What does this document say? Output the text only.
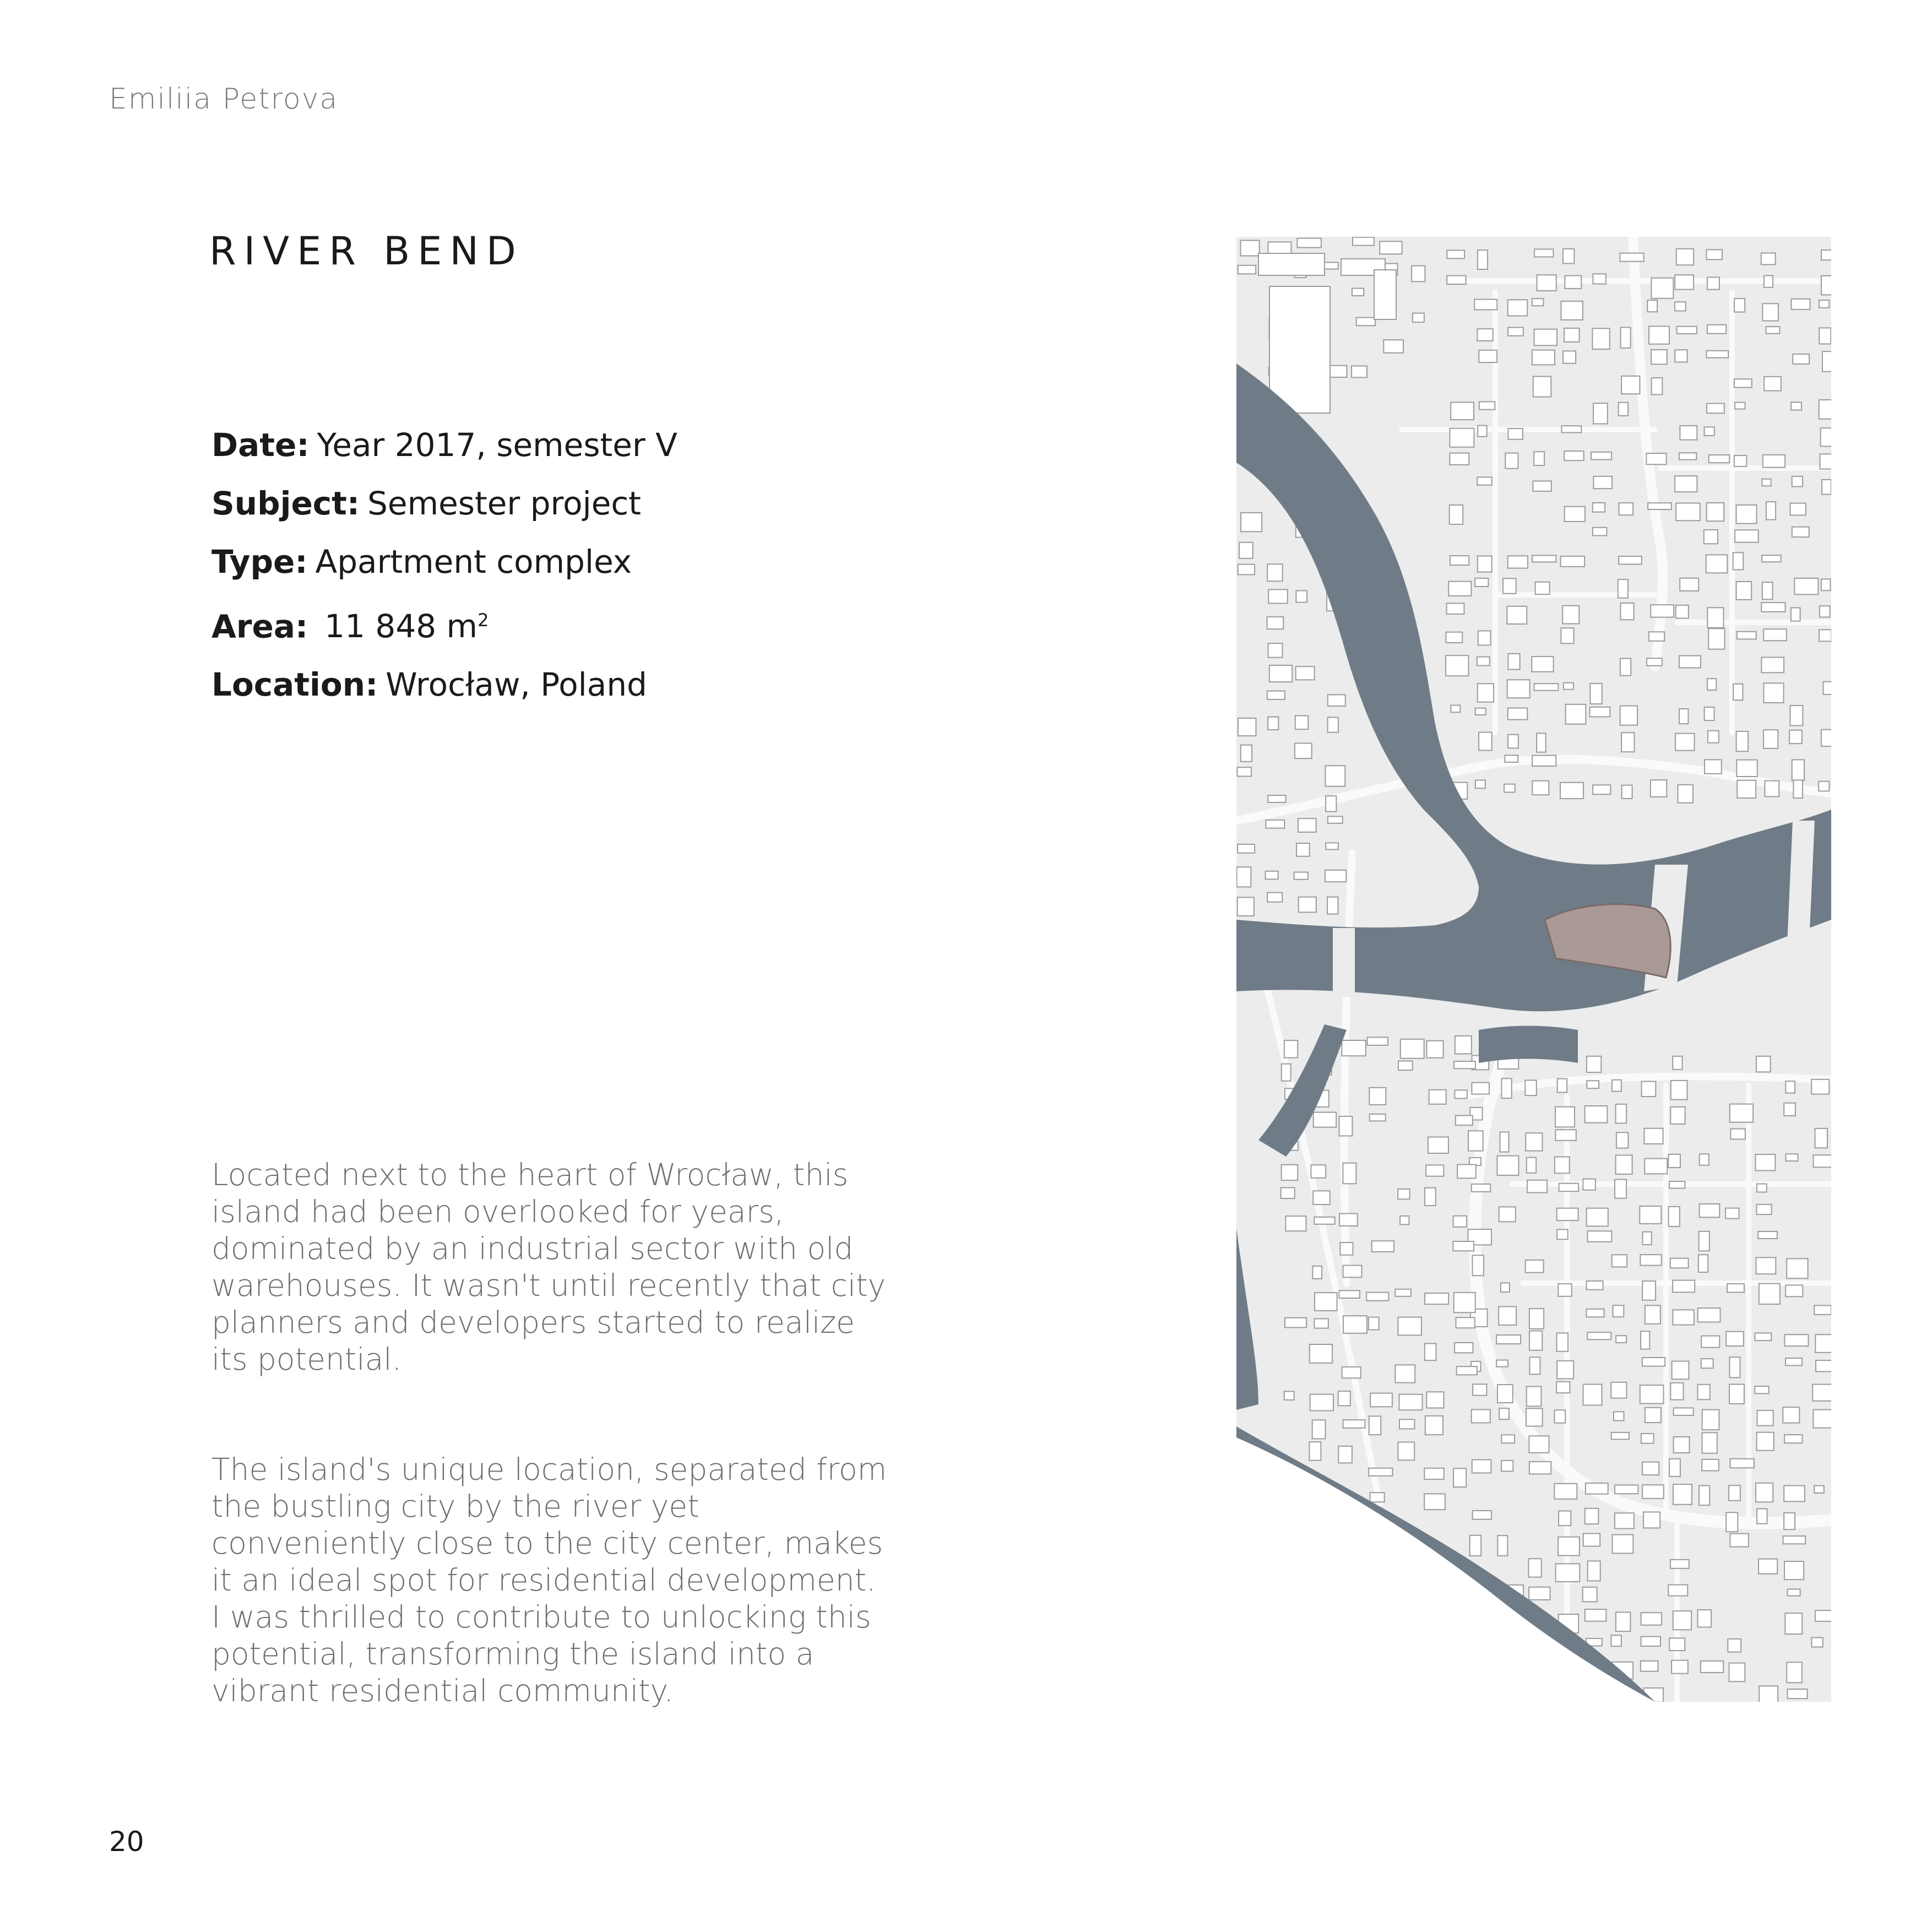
Emiliia Petrova
RIVER BEND
Date: Year 2017, semester V
Subject: Semester project
Type: Apartment complex
Area: 11 848 $m^2$
Location: Wrocław, Poland

Located next to the heart of Wrocław, this island had been overlooked for years, dominated by an industrial sector with old warehouses. It wasn't until recently that city planners and developers started to realize its potential.

The island's unique location, separated from the bustling city by the river yet conveniently close to the city center, makes it an ideal spot for residential development. I was thrilled to contribute to unlocking this potential, transforming the island into a vibrant residential community.

20
